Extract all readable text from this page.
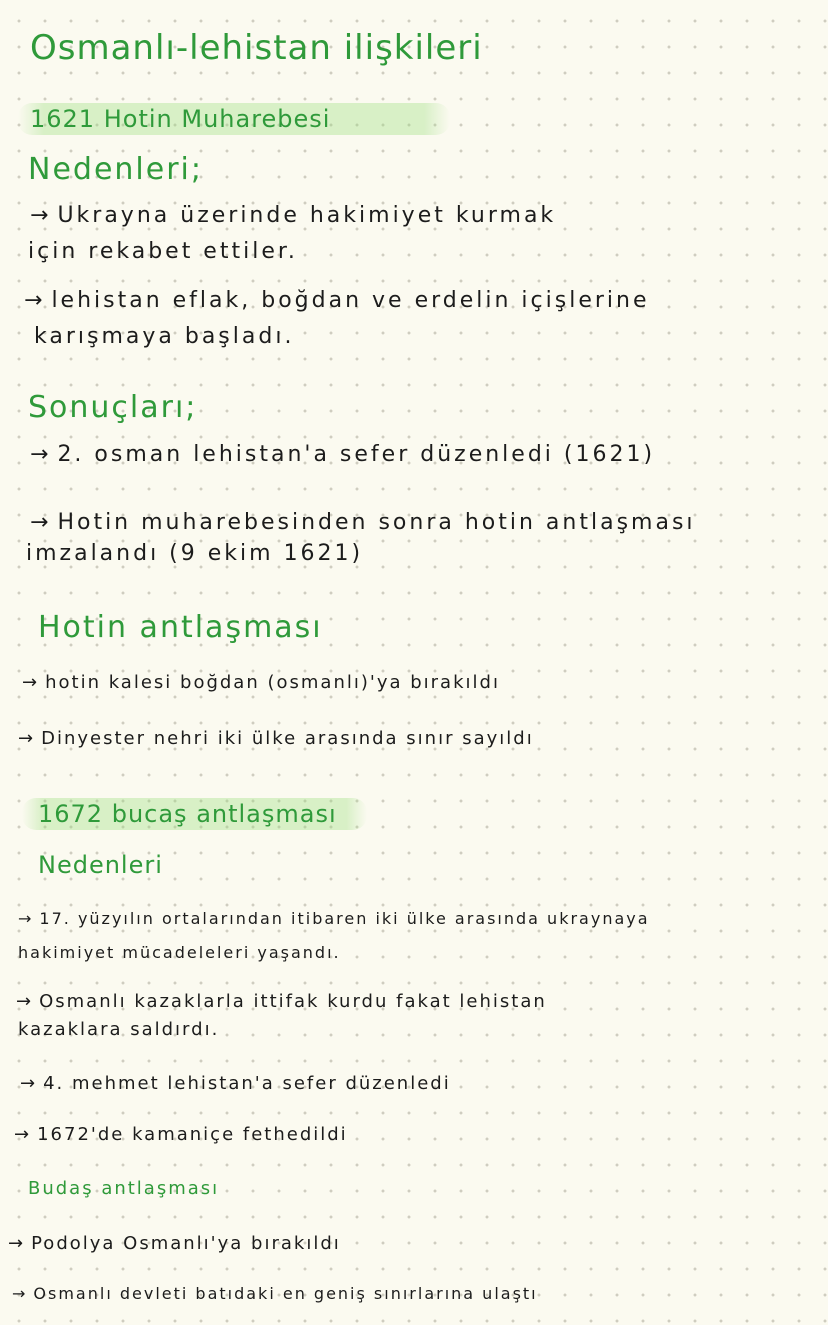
Osmanlı-lehistan ilişkileri
1621 Hotin Muharebesi
Nedenleri;
→ Ukrayna üzerinde hakimiyet kurmak
için rekabet ettiler.
→ lehistan eflak, boğdan ve erdelin içişlerine
karışmaya başladı.
Sonuçları;
→ 2. osman lehistan'a sefer düzenledi (1621)
→ Hotin muharebesinden sonra hotin antlaşması
imzalandı (9 ekim 1621)
Hotin antlaşması
→ hotin kalesi boğdan (osmanlı)'ya bırakıldı
→ Dinyester nehri iki ülke arasında sınır sayıldı
1672 bucaş antlaşması
Nedenleri
→ 17. yüzyılın ortalarından itibaren iki ülke arasında ukraynaya
hakimiyet mücadeleleri yaşandı.
→ Osmanlı kazaklarla ittifak kurdu fakat lehistan
kazaklara saldırdı.
→ 4. mehmet lehistan'a sefer düzenledi
→ 1672'de kamaniçe fethedildi
Budaş antlaşması
→ Podolya Osmanlı'ya bırakıldı
→ Osmanlı devleti batıdaki en geniş sınırlarına ulaştı
